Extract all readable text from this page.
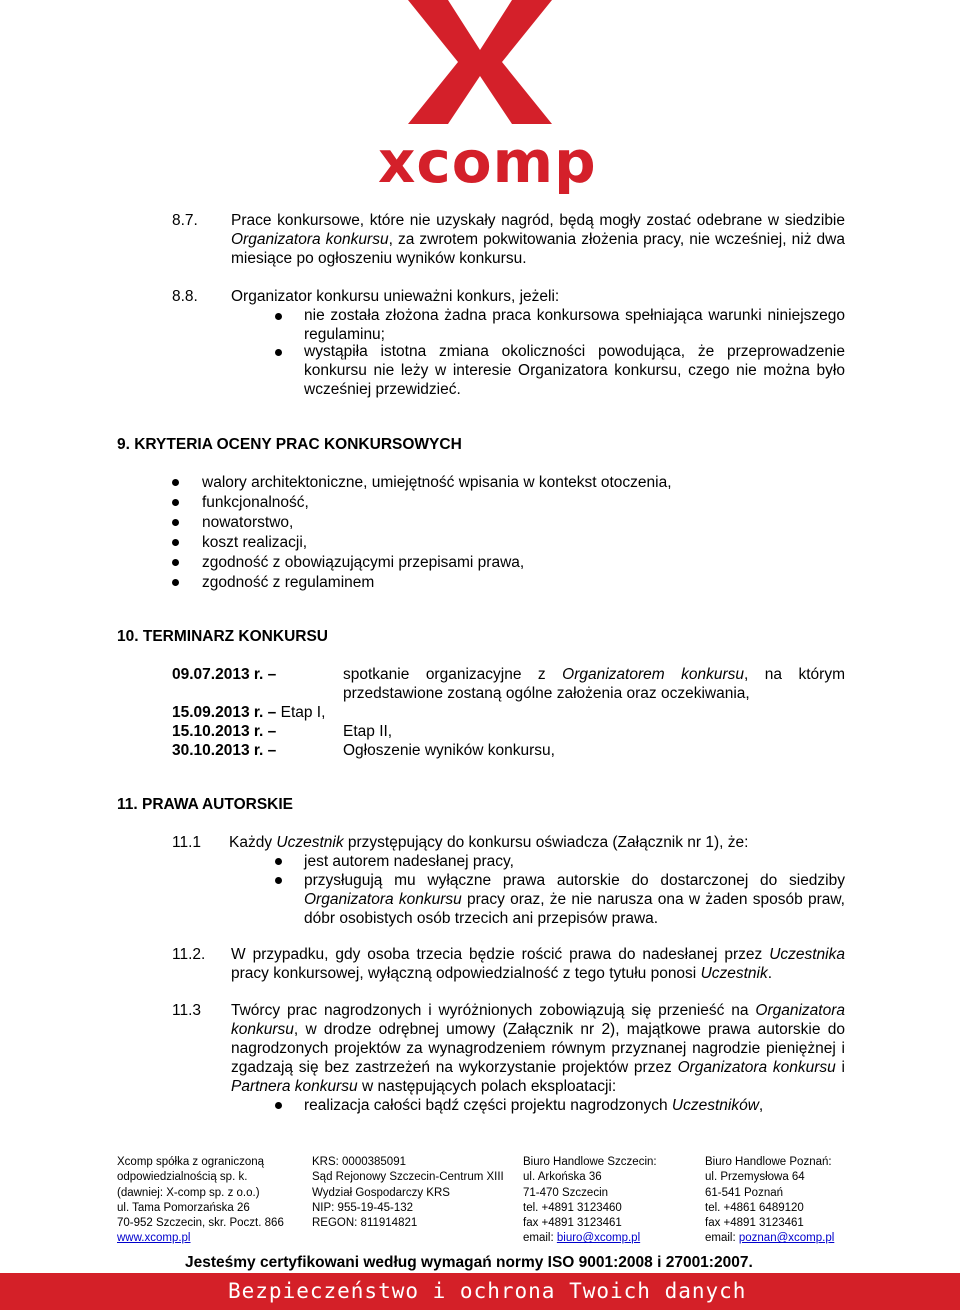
xcomp
8.7. Prace konkursowe, które nie uzyskały nagród, będą mogły zostać odebrane w siedzibie Organizatora konkursu, za zwrotem pokwitowania złożenia pracy, nie wcześniej, niż dwa miesiące po ogłoszeniu wyników konkursu.
8.8. Organizator konkursu unieważni konkurs, jeżeli:
nie została złożona żadna praca konkursowa spełniająca warunki niniejszego regulaminu;
wystąpiła istotna zmiana okoliczności powodująca, że przeprowadzenie konkursu nie leży w interesie Organizatora konkursu, czego nie można było wcześniej przewidzieć.
9. KRYTERIA OCENY PRAC KONKURSOWYCH
walory architektoniczne, umiejętność wpisania w kontekst otoczenia,
funkcjonalność,
nowatorstwo,
koszt realizacji,
zgodność z obowiązującymi przepisami prawa,
zgodność z regulaminem
10. TERMINARZ KONKURSU
09.07.2013 r. –	spotkanie organizacyjne z Organizatorem konkursu, na którym przedstawione zostaną ogólne założenia oraz oczekiwania,
15.09.2013 r. – Etap I,
15.10.2013 r. –	Etap II,
30.10.2013 r. –	Ogłoszenie wyników konkursu,
11. PRAWA AUTORSKIE
11.1 Każdy Uczestnik przystępujący do konkursu oświadcza (Załącznik nr 1), że:
jest autorem nadesłanej pracy,
przysługują mu wyłączne prawa autorskie do dostarczonej do siedziby Organizatora konkursu pracy oraz, że nie narusza ona w żaden sposób praw, dóbr osobistych osób trzecich ani przepisów prawa.
11.2. W przypadku, gdy osoba trzecia będzie rościć prawa do nadesłanej przez Uczestnika pracy konkursowej, wyłączną odpowiedzialność z tego tytułu ponosi Uczestnik.
11.3 Twórcy prac nagrodzonych i wyróżnionych zobowiązują się przenieść na Organizatora konkursu, w drodze odrębnej umowy (Załącznik nr 2), majątkowe prawa autorskie do nagrodzonych projektów za wynagrodzeniem równym przyznanej nagrodzie pieniężnej i zgadzają się bez zastrzeżeń na wykorzystanie projektów przez Organizatora konkursu i Partnera konkursu w następujących polach eksploatacji:
realizacja całości bądź części projektu nagrodzonych Uczestników,
Xcomp spółka z ograniczoną
odpowiedzialnością sp. k.
(dawniej: X-comp sp. z o.o.)
ul. Tama Pomorzańska 26
70-952 Szczecin, skr. Poczt. 866
www.xcomp.pl
KRS: 0000385091
Sąd Rejonowy Szczecin-Centrum XIII
Wydział Gospodarczy KRS
NIP: 955-19-45-132
REGON: 811914821
Biuro Handlowe Szczecin:
ul. Arkońska 36
71-470 Szczecin
tel. +4891 3123460
fax +4891 3123461
email: biuro@xcomp.pl
Biuro Handlowe Poznań:
ul. Przemysłowa 64
61-541 Poznań
tel. +4861 6489120
fax +4891 3123461
email: poznan@xcomp.pl
Jesteśmy certyfikowani według wymagań normy ISO 9001:2008 i 27001:2007.
Bezpieczeństwo i ochrona Twoich danych
